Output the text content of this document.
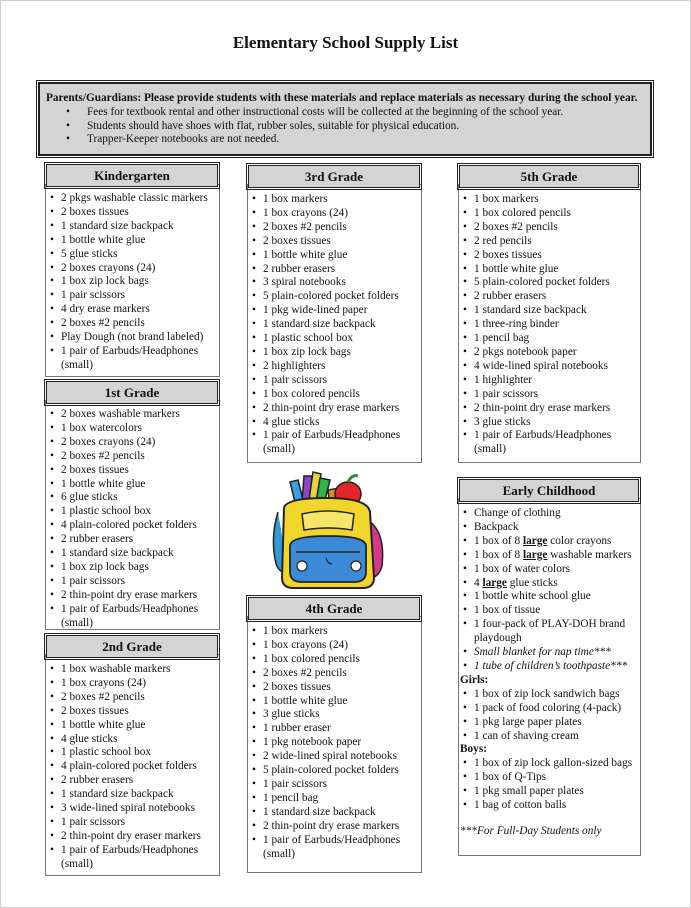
Elementary School Supply List
Parents/Guardians: Please provide students with these materials and replace materials as necessary during the school year.
• Fees for textbook rental and other instructional costs will be collected at the beginning of the school year.
• Students should have shoes with flat, rubber soles, suitable for physical education.
• Trapper-Keeper notebooks are not needed.
Kindergarten
• 2 pkgs washable classic markers
• 2 boxes tissues
• 1 standard size backpack
• 1 bottle white glue
• 5 glue sticks
• 2 boxes crayons (24)
• 1 box zip lock bags
• 1 pair scissors
• 4 dry erase markers
• 2 boxes #2 pencils
• Play Dough (not brand labeled)
• 1 pair of Earbuds/Headphones (small)
1st Grade
• 2 boxes washable markers
• 1 box watercolors
• 2 boxes crayons (24)
• 2 boxes #2 pencils
• 2 boxes tissues
• 1 bottle white glue
• 6 glue sticks
• 1 plastic school box
• 4 plain-colored pocket folders
• 2 rubber erasers
• 1 standard size backpack
• 1 box zip lock bags
• 1 pair scissors
• 2 thin-point dry erase markers
• 1 pair of Earbuds/Headphones (small)
2nd Grade
• 1 box washable markers
• 1 box crayons (24)
• 2 boxes #2 pencils
• 2 boxes tissues
• 1 bottle white glue
• 4 glue sticks
• 1 plastic school box
• 4 plain-colored pocket folders
• 2 rubber erasers
• 1 standard size backpack
• 3 wide-lined spiral notebooks
• 1 pair scissors
• 2 thin-point dry eraser markers
• 1 pair of Earbuds/Headphones (small)
3rd Grade
• 1 box markers
• 1 box crayons (24)
• 2 boxes #2 pencils
• 2 boxes tissues
• 1 bottle white glue
• 2 rubber erasers
• 3 spiral notebooks
• 5 plain-colored pocket folders
• 1 pkg wide-lined paper
• 1 standard size backpack
• 1 plastic school box
• 1 box zip lock bags
• 2 highlighters
• 1 pair scissors
• 1 box colored pencils
• 2 thin-point dry erase markers
• 4 glue sticks
• 1 pair of Earbuds/Headphones (small)
4th Grade
• 1 box markers
• 1 box crayons (24)
• 1 box colored pencils
• 2 boxes #2 pencils
• 2 boxes tissues
• 1 bottle white glue
• 3 glue sticks
• 1 rubber eraser
• 1 pkg notebook paper
• 2 wide-lined spiral notebooks
• 5 plain-colored pocket folders
• 1 pair scissors
• 1 pencil bag
• 1 standard size backpack
• 2 thin-point dry erase markers
• 1 pair of Earbuds/Headphones (small)
5th Grade
• 1 box markers
• 1 box colored pencils
• 2 boxes #2 pencils
• 2 red pencils
• 2 boxes tissues
• 1 bottle white glue
• 5 plain-colored pocket folders
• 2 rubber erasers
• 1 standard size backpack
• 1 three-ring binder
• 1 pencil bag
• 2 pkgs notebook paper
• 4 wide-lined spiral notebooks
• 1 highlighter
• 1 pair scissors
• 2 thin-point dry erase markers
• 3 glue sticks
• 1 pair of Earbuds/Headphones (small)
Early Childhood
• Change of clothing
• Backpack
• 1 box of 8 large color crayons
• 1 box of 8 large washable markers
• 1 box of water colors
• 4 large glue sticks
• 1 bottle white school glue
• 1 box of tissue
• 1 four-pack of PLAY-DOH brand playdough
• Small blanket for nap time***
• 1 tube of children’s toothpaste***
Girls:
• 1 box of zip lock sandwich bags
• 1 pack of food coloring (4-pack)
• 1 pkg large paper plates
• 1 can of shaving cream
Boys:
• 1 box of zip lock gallon-sized bags
• 1 box of Q-Tips
• 1 pkg small paper plates
• 1 bag of cotton balls
***For Full-Day Students only
